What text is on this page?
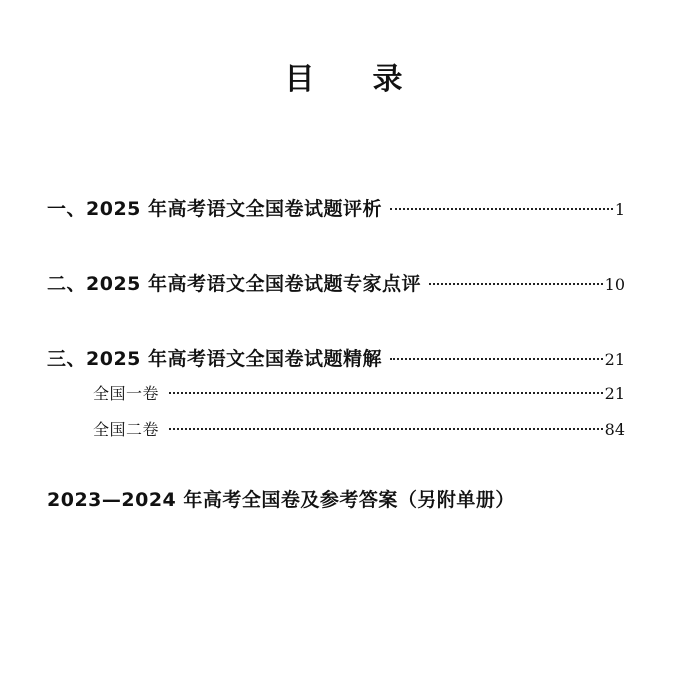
目录
一、2025 年高考语文全国卷试题评析	1
二、2025 年高考语文全国卷试题专家点评	10
三、2025 年高考语文全国卷试题精解	21
全国一卷	21
全国二卷	84
2023—2024 年高考全国卷及参考答案（另附单册）
